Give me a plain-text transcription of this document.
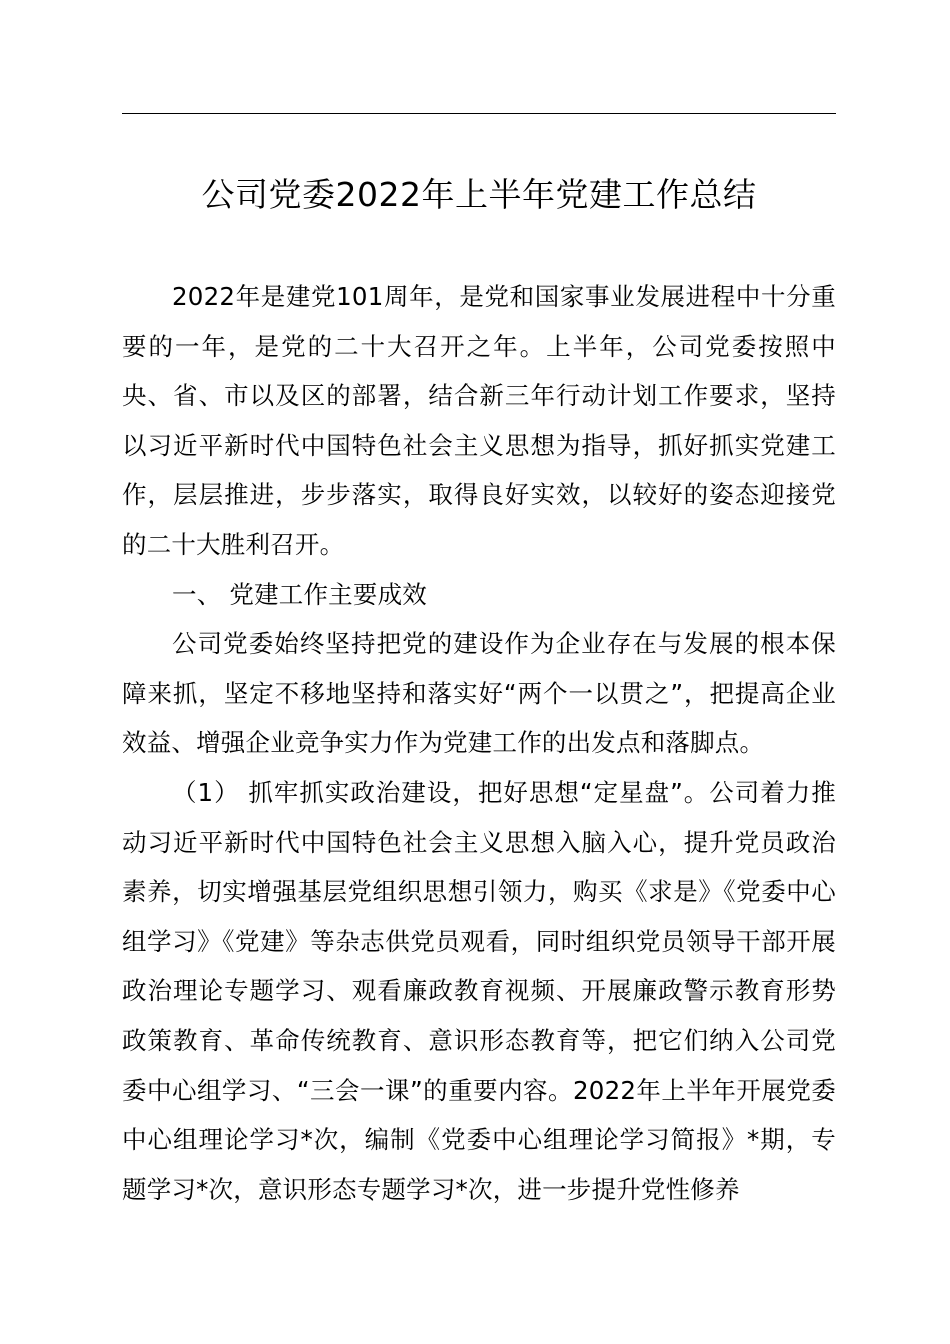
公司党委2022年上半年党建工作总结

2022年是建党101周年，是党和国家事业发展进程中十分重要的一年，是党的二十大召开之年。上半年，公司党委按照中央、省、市以及区的部署，结合新三年行动计划工作要求，坚持以习近平新时代中国特色社会主义思想为指导，抓好抓实党建工作，层层推进，步步落实，取得良好实效，以较好的姿态迎接党的二十大胜利召开。

一、 党建工作主要成效

公司党委始终坚持把党的建设作为企业存在与发展的根本保障来抓，坚定不移地坚持和落实好“两个一以贯之”，把提高企业效益、增强企业竞争实力作为党建工作的出发点和落脚点。

（1） 抓牢抓实政治建设，把好思想“定星盘”。公司着力推动习近平新时代中国特色社会主义思想入脑入心，提升党员政治素养，切实增强基层党组织思想引领力，购买《求是》《党委中心组学习》《党建》等杂志供党员观看，同时组织党员领导干部开展政治理论专题学习、观看廉政教育视频、开展廉政警示教育形势政策教育、革命传统教育、意识形态教育等，把它们纳入公司党委中心组学习、“三会一课”的重要内容。2022年上半年开展党委中心组理论学习*次，编制《党委中心组理论学习简报》*期，专题学习*次，意识形态专题学习*次，进一步提升党性修养
